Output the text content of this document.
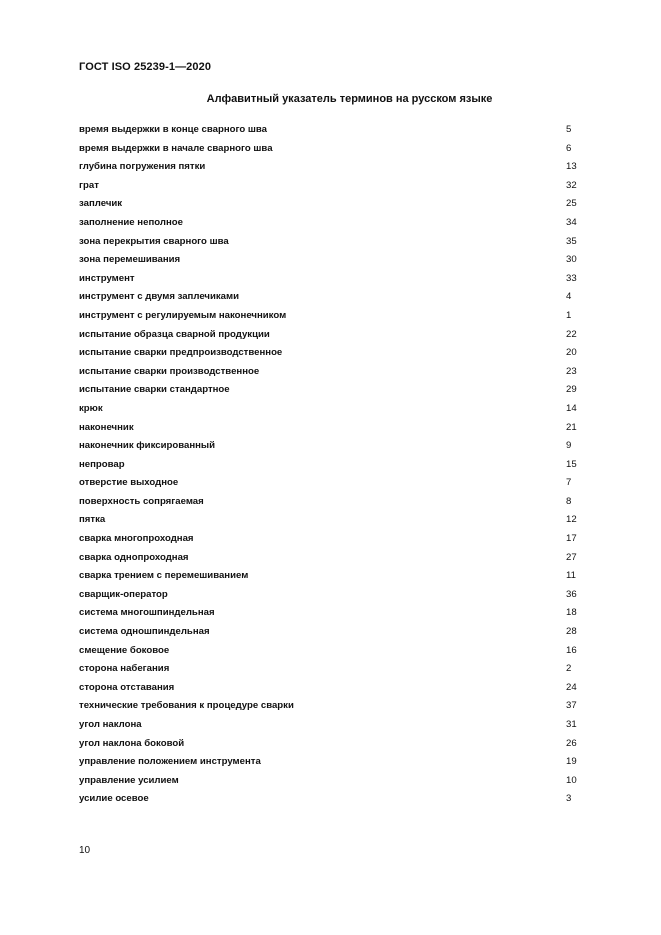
ГОСТ ISO 25239-1—2020
Алфавитный указатель терминов на русском языке
время выдержки в конце сварного шва	5
время выдержки в начале сварного шва	6
глубина погружения пятки	13
грат	32
заплечик	25
заполнение неполное	34
зона перекрытия сварного шва	35
зона перемешивания	30
инструмент	33
инструмент с двумя заплечиками	4
инструмент с регулируемым наконечником	1
испытание образца сварной продукции	22
испытание сварки предпроизводственное	20
испытание сварки производственное	23
испытание сварки стандартное	29
крюк	14
наконечник	21
наконечник фиксированный	9
непровар	15
отверстие выходное	7
поверхность сопрягаемая	8
пятка	12
сварка многопроходная	17
сварка однопроходная	27
сварка трением с перемешиванием	11
сварщик-оператор	36
система многошпиндельная	18
система одношпиндельная	28
смещение боковое	16
сторона набегания	2
сторона отставания	24
технические требования к процедуре сварки	37
угол наклона	31
угол наклона боковой	26
управление положением инструмента	19
управление усилием	10
усилие осевое	3
10
